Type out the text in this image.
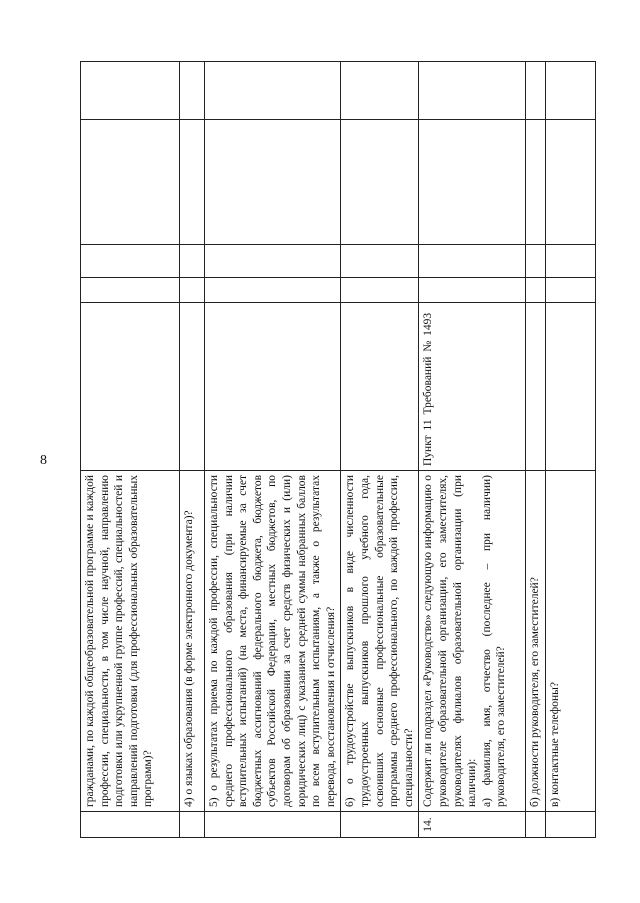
8
	гражданами, по каждой общеобразовательной программе и каждой профессии, специальности, в том числе научной, направлению подготовки или укрупненной группе профессий, специальностей и направлений подготовки (для профессиональных образовательных программ)?					
	4) о языках образования (в форме электронного документа)?					
	5) о результатах приема по каждой профессии, специальности среднего профессионального образования (при наличии вступительных испытаний) (на места, финансируемые за счет бюджетных ассигнований федерального бюджета, бюджетов субъектов Российской Федерации, местных бюджетов, по договорам об образовании за счет средств физических и (или) юридических лиц) с указанием средней суммы набранных баллов по всем вступительным испытаниям, а также о результатах перевода, восстановления и отчисления?					
	6) о трудоустройстве выпускников в виде численности трудоустроенных выпускников прошлого учебного года, освоивших основные профессиональные образовательные программы среднего профессионального, по каждой профессии, специальности?					
14.	Содержит ли подраздел «Руководство» следующую информацию о руководителе образовательной организации, его заместителях, руководителях филиалов образовательной организации (при наличии):
а) фамилия, имя, отчество (последнее – при наличии) руководителя, его заместителей?	Пункт 11 Требований № 1493				
	б) должности руководителя, его заместителей?					
	в) контактные телефоны?					
